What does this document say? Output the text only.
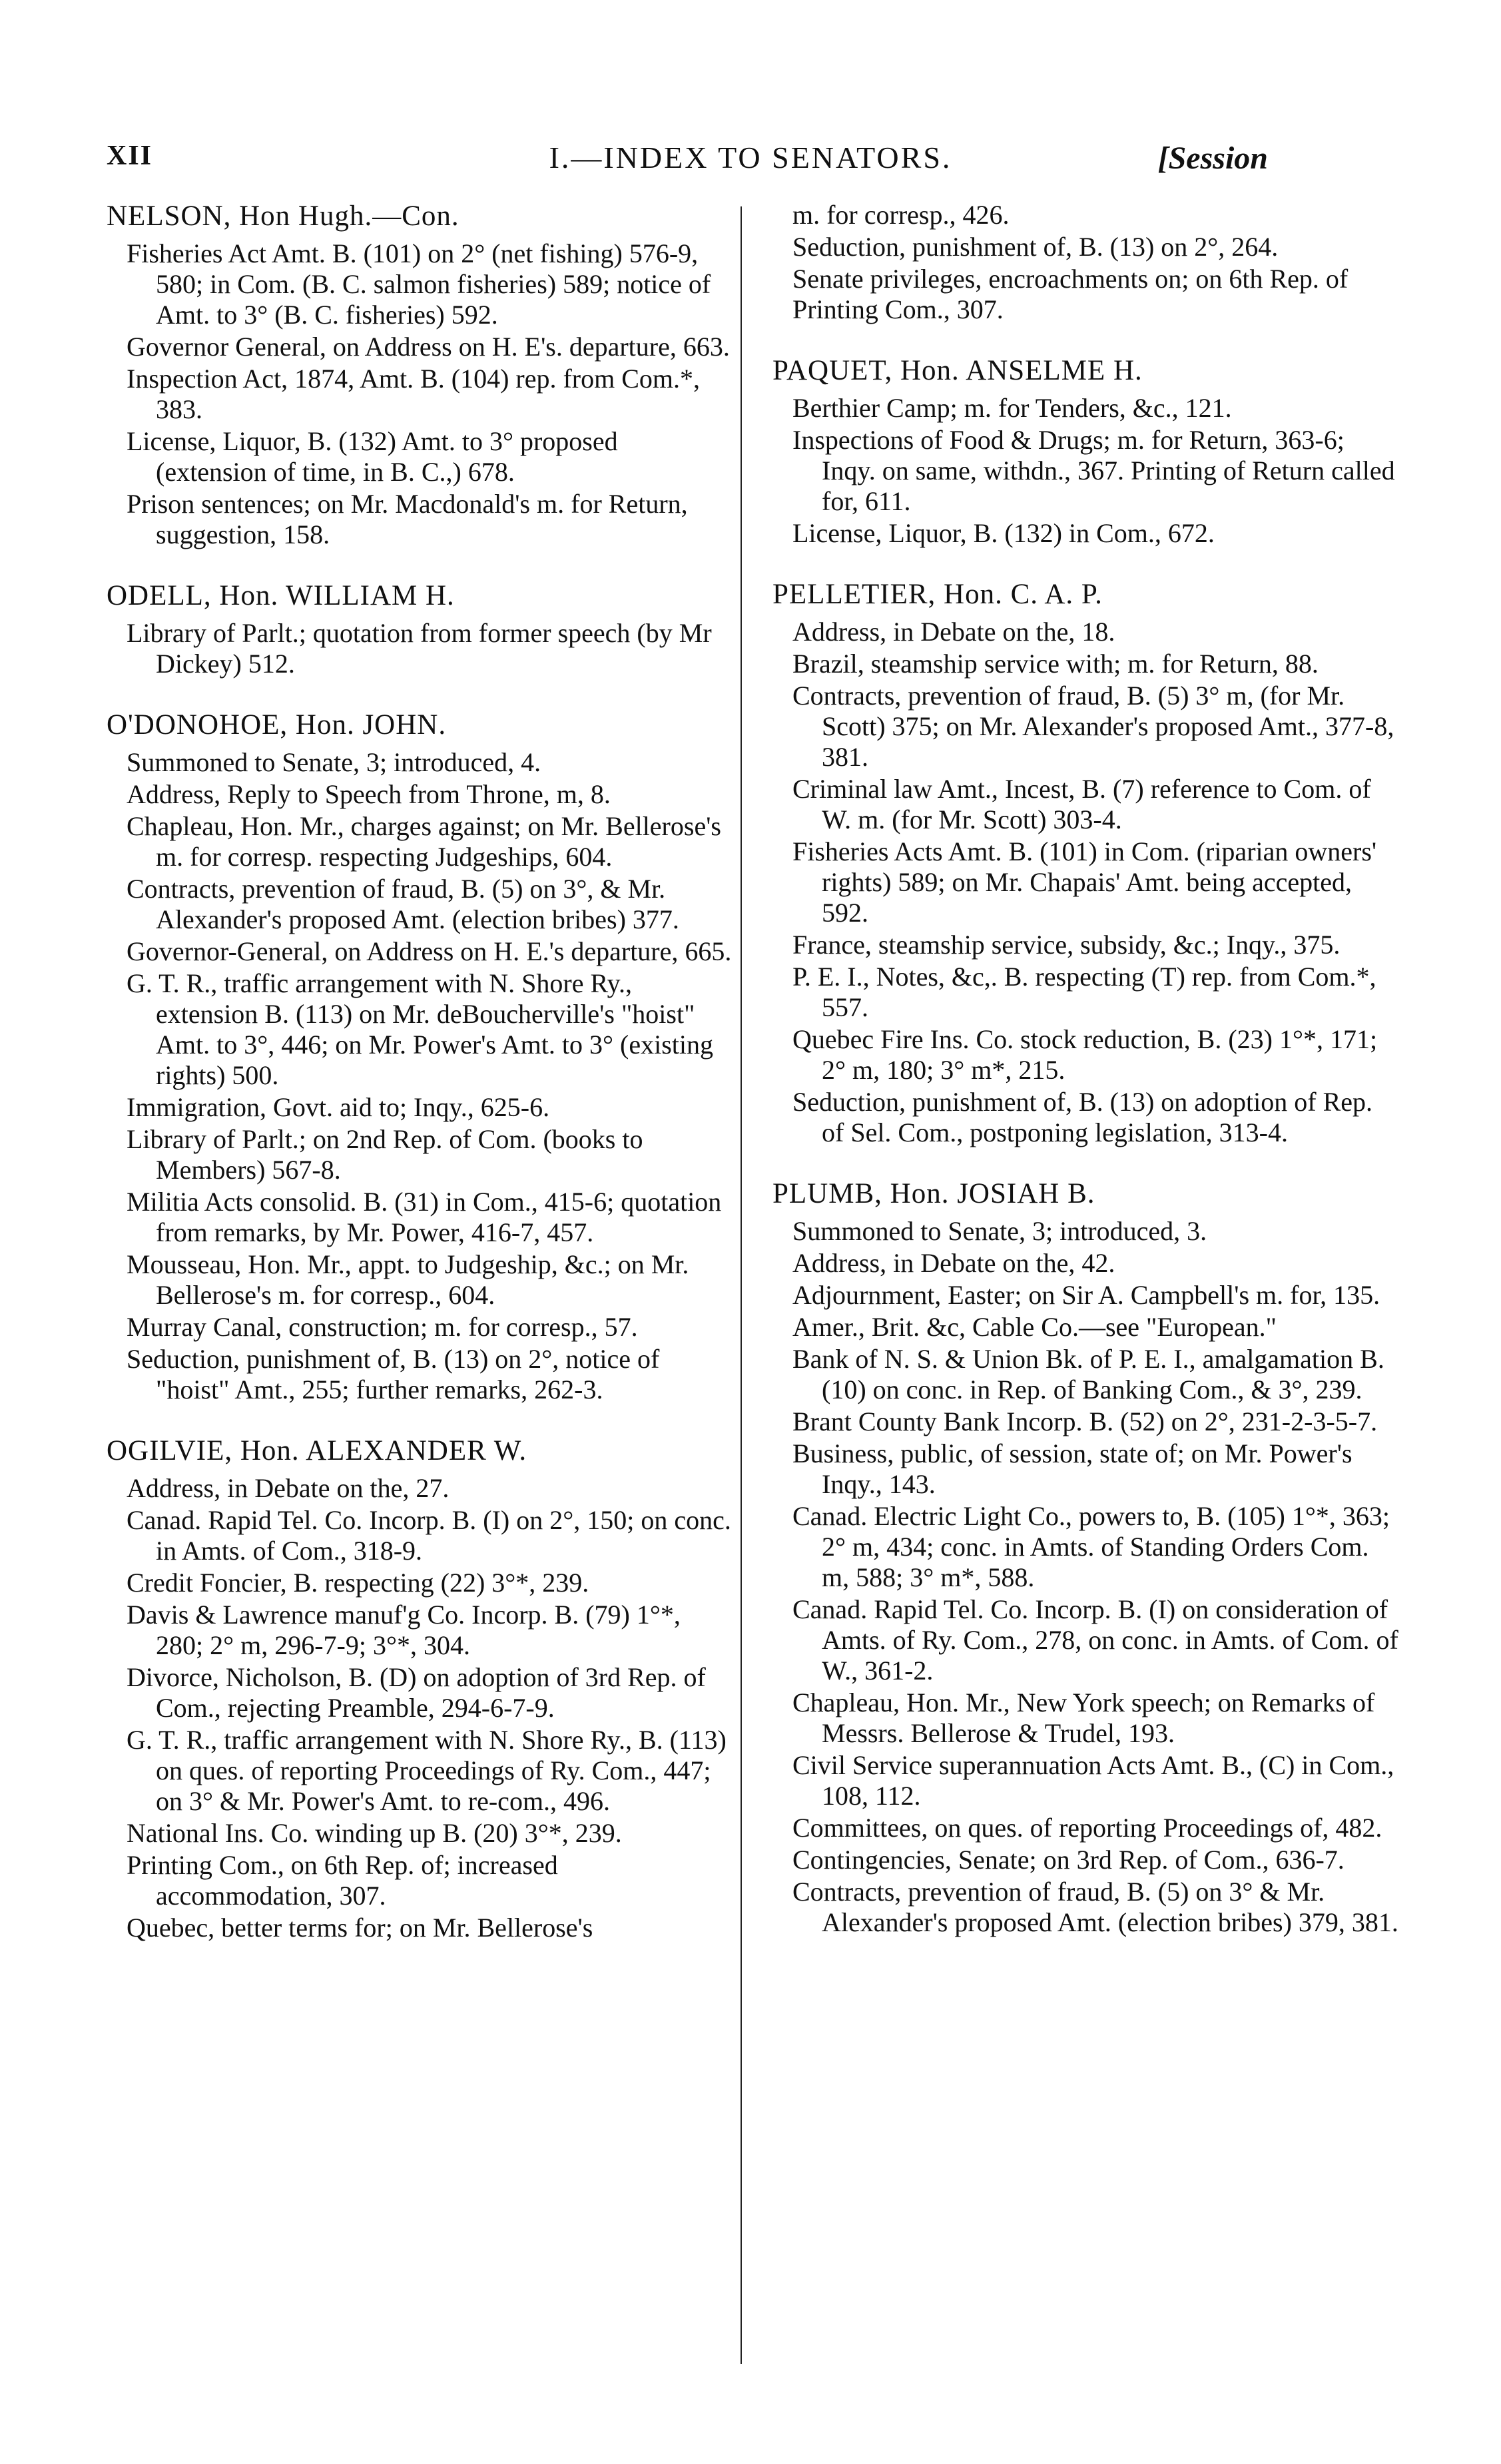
XII	I.—INDEX TO SENATORS.	[Session
NELSON, Hon Hugh.—Con.
Fisheries Act Amt. B. (101) on 2° (net fishing) 576-9, 580; in Com. (B. C. salmon fisheries) 589; notice of Amt. to 3° (B. C. fisheries) 592.
Governor General, on Address on H. E's. departure, 663.
Inspection Act, 1874, Amt. B. (104) rep. from Com.*, 383.
License, Liquor, B. (132) Amt. to 3° proposed (extension of time, in B. C.,) 678.
Prison sentences; on Mr. Macdonald's m. for Return, suggestion, 158.
ODELL, Hon. WILLIAM H.
Library of Parlt.; quotation from former speech (by Mr Dickey) 512.
O'DONOHOE, Hon. JOHN.
Summoned to Senate, 3; introduced, 4.
Address, Reply to Speech from Throne, m, 8.
Chapleau, Hon. Mr., charges against; on Mr. Bellerose's m. for corresp. respecting Judgeships, 604.
Contracts, prevention of fraud, B. (5) on 3°, & Mr. Alexander's proposed Amt. (election bribes) 377.
Governor-General, on Address on H. E.'s departure, 665.
G. T. R., traffic arrangement with N. Shore Ry., extension B. (113) on Mr. deBoucherville's "hoist" Amt. to 3°, 446; on Mr. Power's Amt. to 3° (existing rights) 500.
Immigration, Govt. aid to; Inqy., 625-6.
Library of Parlt.; on 2nd Rep. of Com. (books to Members) 567-8.
Militia Acts consolid. B. (31) in Com., 415-6; quotation from remarks, by Mr. Power, 416-7, 457.
Mousseau, Hon. Mr., appt. to Judgeship, &c.; on Mr. Bellerose's m. for corresp., 604.
Murray Canal, construction; m. for corresp., 57.
Seduction, punishment of, B. (13) on 2°, notice of "hoist" Amt., 255; further remarks, 262-3.
OGILVIE, Hon. ALEXANDER W.
Address, in Debate on the, 27.
Canad. Rapid Tel. Co. Incorp. B. (I) on 2°, 150; on conc. in Amts. of Com., 318-9.
Credit Foncier, B. respecting (22) 3°*, 239.
Davis & Lawrence manuf'g Co. Incorp. B. (79) 1°*, 280; 2° m, 296-7-9; 3°*, 304.
Divorce, Nicholson, B. (D) on adoption of 3rd Rep. of Com., rejecting Preamble, 294-6-7-9.
G. T. R., traffic arrangement with N. Shore Ry., B. (113) on ques. of reporting Proceedings of Ry. Com., 447; on 3° & Mr. Power's Amt. to re-com., 496.
National Ins. Co. winding up B. (20) 3°*, 239.
Printing Com., on 6th Rep. of; increased accommodation, 307.
Quebec, better terms for; on Mr. Bellerose's
m. for corresp., 426.
Seduction, punishment of, B. (13) on 2°, 264.
Senate privileges, encroachments on; on 6th Rep. of Printing Com., 307.
PAQUET, Hon. ANSELME H.
Berthier Camp; m. for Tenders, &c., 121.
Inspections of Food & Drugs; m. for Return, 363-6; Inqy. on same, withdn., 367. Printing of Return called for, 611.
License, Liquor, B. (132) in Com., 672.
PELLETIER, Hon. C. A. P.
Address, in Debate on the, 18.
Brazil, steamship service with; m. for Return, 88.
Contracts, prevention of fraud, B. (5) 3° m, (for Mr. Scott) 375; on Mr. Alexander's proposed Amt., 377-8, 381.
Criminal law Amt., Incest, B. (7) reference to Com. of W. m. (for Mr. Scott) 303-4.
Fisheries Acts Amt. B. (101) in Com. (riparian owners' rights) 589; on Mr. Chapais' Amt. being accepted, 592.
France, steamship service, subsidy, &c.; Inqy., 375.
P. E. I., Notes, &c,. B. respecting (T) rep. from Com.*, 557.
Quebec Fire Ins. Co. stock reduction, B. (23) 1°*, 171; 2° m, 180; 3° m*, 215.
Seduction, punishment of, B. (13) on adoption of Rep. of Sel. Com., postponing legislation, 313-4.
PLUMB, Hon. JOSIAH B.
Summoned to Senate, 3; introduced, 3.
Address, in Debate on the, 42.
Adjournment, Easter; on Sir A. Campbell's m. for, 135.
Amer., Brit. &c, Cable Co.—see "European."
Bank of N. S. & Union Bk. of P. E. I., amalgamation B. (10) on conc. in Rep. of Banking Com., & 3°, 239.
Brant County Bank Incorp. B. (52) on 2°, 231-2-3-5-7.
Business, public, of session, state of; on Mr. Power's Inqy., 143.
Canad. Electric Light Co., powers to, B. (105) 1°*, 363; 2° m, 434; conc. in Amts. of Standing Orders Com. m, 588; 3° m*, 588.
Canad. Rapid Tel. Co. Incorp. B. (I) on consideration of Amts. of Ry. Com., 278, on conc. in Amts. of Com. of W., 361-2.
Chapleau, Hon. Mr., New York speech; on Remarks of Messrs. Bellerose & Trudel, 193.
Civil Service superannuation Acts Amt. B., (C) in Com., 108, 112.
Committees, on ques. of reporting Proceedings of, 482.
Contingencies, Senate; on 3rd Rep. of Com., 636-7.
Contracts, prevention of fraud, B. (5) on 3° & Mr. Alexander's proposed Amt. (election bribes) 379, 381.
